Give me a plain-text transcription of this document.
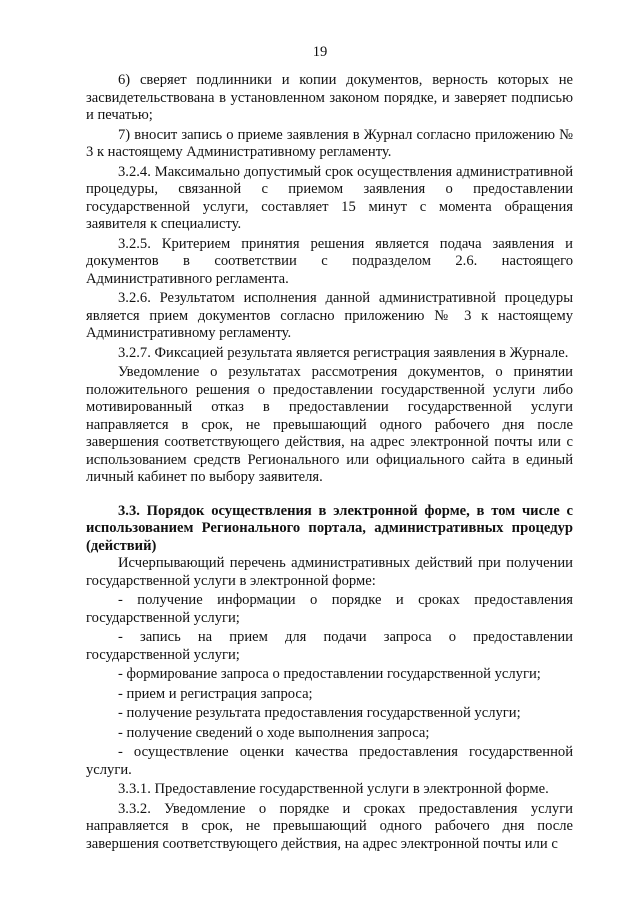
19

6) сверяет подлинники и копии документов, верность которых не засвидетельствована в установленном законом порядке, и заверяет подписью и печатью;

7) вносит запись о приеме заявления в Журнал согласно приложению № 3 к настоящему Административному регламенту.

3.2.4. Максимально допустимый срок осуществления административной процедуры, связанной с приемом заявления о предоставлении государственной услуги, составляет 15 минут с момента обращения заявителя к специалисту.

3.2.5. Критерием принятия решения является подача заявления и документов в соответствии с подразделом 2.6. настоящего Административного регламента.

3.2.6. Результатом исполнения данной административной процедуры является прием документов согласно приложению № 3 к настоящему Административному регламенту.

3.2.7. Фиксацией результата является регистрация заявления в Журнале.

Уведомление о результатах рассмотрения документов, о принятии положительного решения о предоставлении государственной услуги либо мотивированный отказ в предоставлении государственной услуги направляется в срок, не превышающий одного рабочего дня после завершения соответствующего действия, на адрес электронной почты или с использованием средств Регионального или официального сайта в единый личный кабинет по выбору заявителя.

3.3. Порядок осуществления в электронной форме, в том числе с использованием Регионального портала, административных процедур (действий)

Исчерпывающий перечень административных действий при получении государственной услуги в электронной форме:

- получение информации о порядке и сроках предоставления государственной услуги;

- запись на прием для подачи запроса о предоставлении государственной услуги;

- формирование запроса о предоставлении государственной услуги;

- прием и регистрация запроса;

- получение результата предоставления государственной услуги;

- получение сведений о ходе выполнения запроса;

- осуществление оценки качества предоставления государственной услуги.

3.3.1. Предоставление государственной услуги в электронной форме.

3.3.2. Уведомление о порядке и сроках предоставления услуги направляется в срок, не превышающий одного рабочего дня после завершения соответствующего действия, на адрес электронной почты или с
